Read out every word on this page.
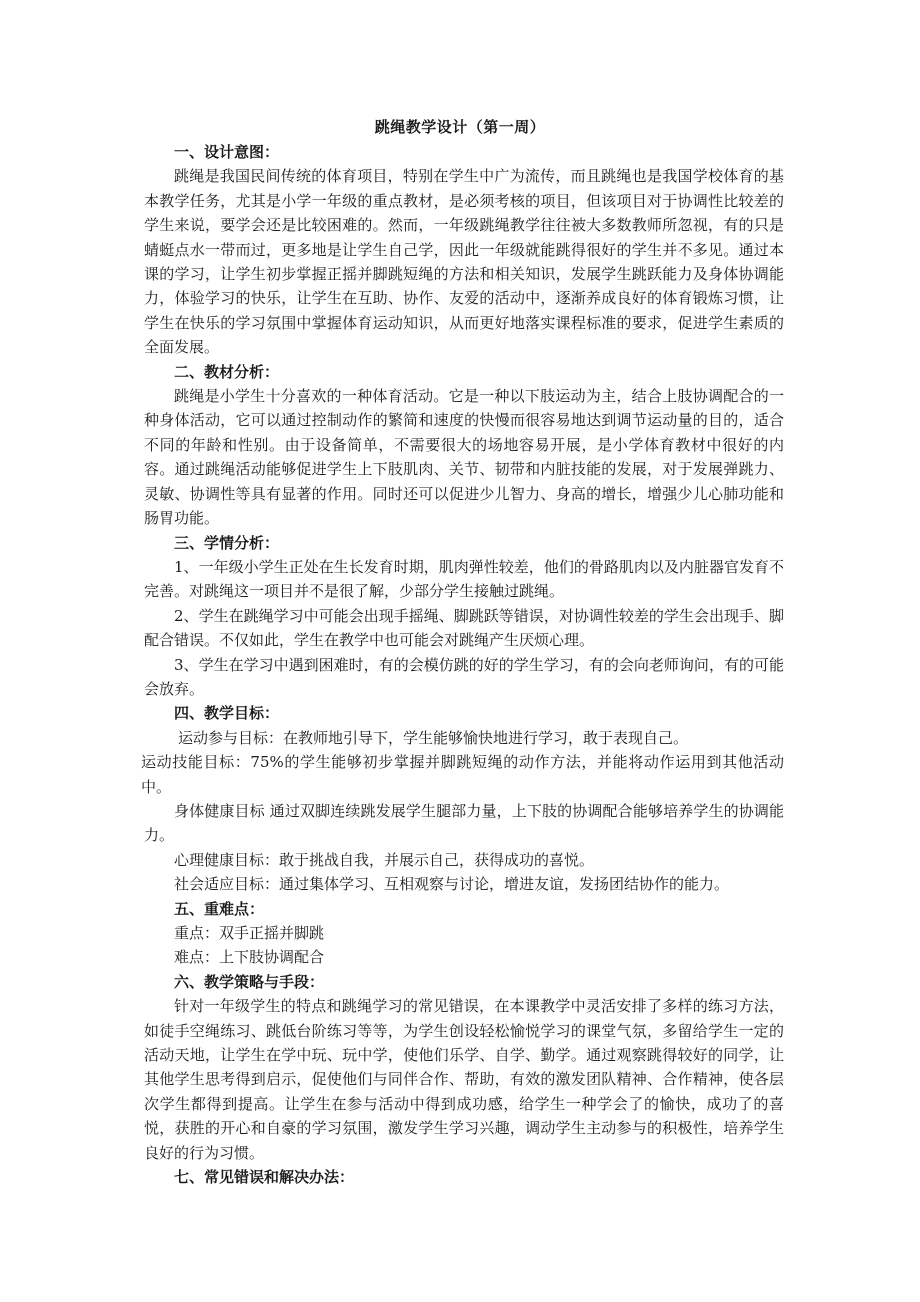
跳绳教学设计（第一周）
一、设计意图：
跳绳是我国民间传统的体育项目，特别在学生中广为流传，而且跳绳也是我国学校体育的基本教学任务，尤其是小学一年级的重点教材，是必须考核的项目，但该项目对于协调性比较差的学生来说，要学会还是比较困难的。然而，一年级跳绳教学往往被大多数教师所忽视，有的只是蜻蜓点水一带而过，更多地是让学生自己学，因此一年级就能跳得很好的学生并不多见。通过本课的学习，让学生初步掌握正摇并脚跳短绳的方法和相关知识，发展学生跳跃能力及身体协调能力，体验学习的快乐，让学生在互助、协作、友爱的活动中，逐渐养成良好的体育锻炼习惯，让学生在快乐的学习氛围中掌握体育运动知识，从而更好地落实课程标准的要求，促进学生素质的全面发展。
二、教材分析：
跳绳是小学生十分喜欢的一种体育活动。它是一种以下肢运动为主，结合上肢协调配合的一种身体活动，它可以通过控制动作的繁简和速度的快慢而很容易地达到调节运动量的目的，适合不同的年龄和性别。由于设备简单，不需要很大的场地容易开展，是小学体育教材中很好的内容。通过跳绳活动能够促进学生上下肢肌肉、关节、韧带和内脏技能的发展，对于发展弹跳力、灵敏、协调性等具有显著的作用。同时还可以促进少儿智力、身高的增长，增强少儿心肺功能和肠胃功能。
三、学情分析：
1、一年级小学生正处在生长发育时期，肌肉弹性较差，他们的骨路肌肉以及内脏器官发育不完善。对跳绳这一项目并不是很了解，少部分学生接触过跳绳。
2、学生在跳绳学习中可能会出现手摇绳、脚跳跃等错误，对协调性较差的学生会出现手、脚配合错误。不仅如此，学生在教学中也可能会对跳绳产生厌烦心理。
3、学生在学习中遇到困难时，有的会模仿跳的好的学生学习，有的会向老师询问，有的可能会放弃。
四、教学目标：
运动参与目标：在教师地引导下，学生能够愉快地进行学习，敢于表现自己。
运动技能目标：75%的学生能够初步掌握并脚跳短绳的动作方法，并能将动作运用到其他活动中。
身体健康目标 通过双脚连续跳发展学生腿部力量，上下肢的协调配合能够培养学生的协调能力。
心理健康目标：敢于挑战自我，并展示自己，获得成功的喜悦。
社会适应目标：通过集体学习、互相观察与讨论，增进友谊，发扬团结协作的能力。
五、重难点：
重点：双手正摇并脚跳
难点：上下肢协调配合
六、教学策略与手段：
针对一年级学生的特点和跳绳学习的常见错误，在本课教学中灵活安排了多样的练习方法，如徒手空绳练习、跳低台阶练习等等，为学生创设轻松愉悦学习的课堂气氛，多留给学生一定的活动天地，让学生在学中玩、玩中学，使他们乐学、自学、勤学。通过观察跳得较好的同学，让其他学生思考得到启示，促使他们与同伴合作、帮助，有效的激发团队精神、合作精神，使各层次学生都得到提高。让学生在参与活动中得到成功感，给学生一种学会了的愉快，成功了的喜悦，获胜的开心和自豪的学习氛围，激发学生学习兴趣，调动学生主动参与的积极性，培养学生良好的行为习惯。
七、常见错误和解决办法：
